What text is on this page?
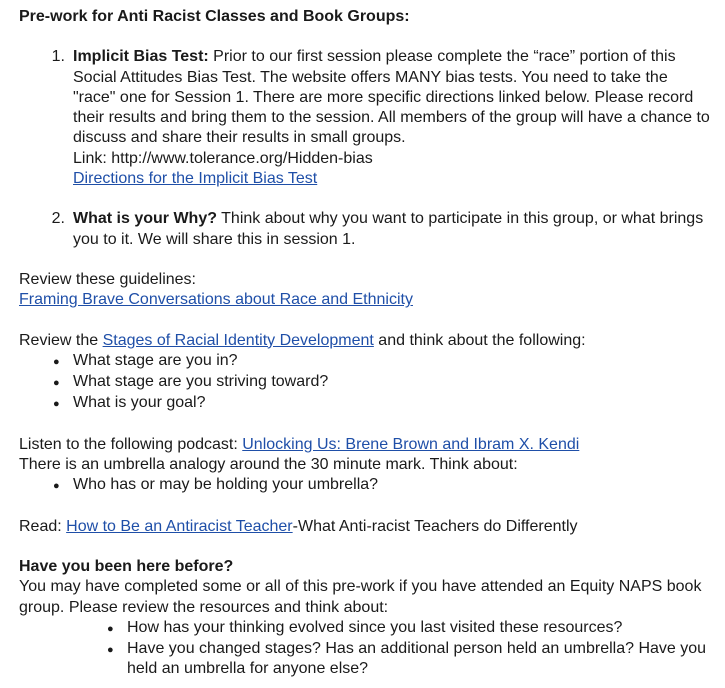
Pre-work for Anti Racist Classes and Book Groups:
1. Implicit Bias Test: Prior to our first session please complete the “race” portion of this Social Attitudes Bias Test. The website offers MANY bias tests. You need to take the "race" one for Session 1. There are more specific directions linked below. Please record their results and bring them to the session. All members of the group will have a chance to discuss and share their results in small groups.
Link: http://www.tolerance.org/Hidden-bias
Directions for the Implicit Bias Test
2. What is your Why? Think about why you want to participate in this group, or what brings you to it. We will share this in session 1.
Review these guidelines:
Framing Brave Conversations about Race and Ethnicity
Review the Stages of Racial Identity Development and think about the following:
● What stage are you in?
● What stage are you striving toward?
● What is your goal?
Listen to the following podcast: Unlocking Us: Brene Brown and Ibram X. Kendi
There is an umbrella analogy around the 30 minute mark. Think about:
● Who has or may be holding your umbrella?
Read: How to Be an Antiracist Teacher-What Anti-racist Teachers do Differently
Have you been here before?
You may have completed some or all of this pre-work if you have attended an Equity NAPS book group. Please review the resources and think about:
● How has your thinking evolved since you last visited these resources?
● Have you changed stages? Has an additional person held an umbrella? Have you held an umbrella for anyone else?
